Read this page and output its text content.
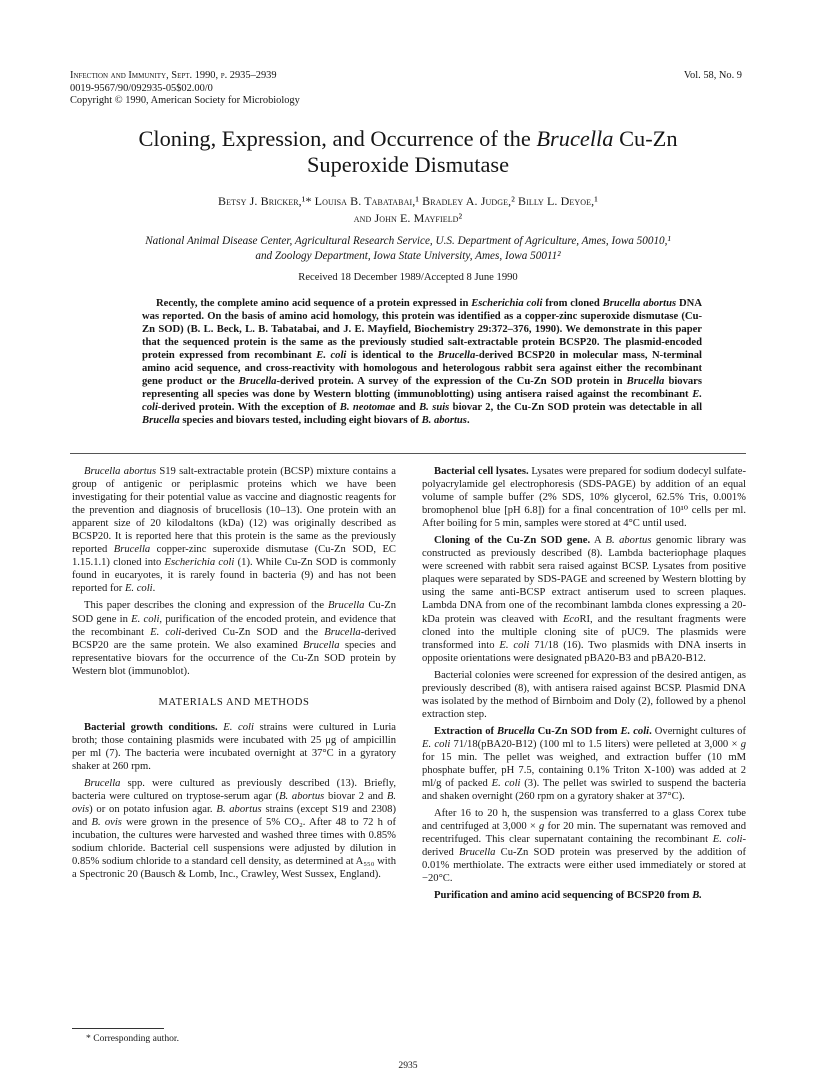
Infection and Immunity, Sept. 1990, p. 2935–2939
0019-9567/90/092935-05$02.00/0
Copyright © 1990, American Society for Microbiology
Vol. 58, No. 9
Cloning, Expression, and Occurrence of the Brucella Cu-Zn
Superoxide Dismutase
Betsy J. Bricker,¹* Louisa B. Tabatabai,¹ Bradley A. Judge,² Billy L. Deyoe,¹
and John E. Mayfield²
National Animal Disease Center, Agricultural Research Service, U.S. Department of Agriculture, Ames, Iowa 50010,¹
and Zoology Department, Iowa State University, Ames, Iowa 50011²
Received 18 December 1989/Accepted 8 June 1990
Recently, the complete amino acid sequence of a protein expressed in Escherichia coli from cloned Brucella abortus DNA was reported. On the basis of amino acid homology, this protein was identified as a copper-zinc superoxide dismutase (Cu-Zn SOD) (B. L. Beck, L. B. Tabatabai, and J. E. Mayfield, Biochemistry 29:372–376, 1990). We demonstrate in this paper that the sequenced protein is the same as the previously studied salt-extractable protein BCSP20. The plasmid-encoded protein expressed from recombinant E. coli is identical to the Brucella-derived BCSP20 in molecular mass, N-terminal amino acid sequence, and cross-reactivity with homologous and heterologous rabbit sera against either the recombinant gene product or the Brucella-derived protein. A survey of the expression of the Cu-Zn SOD protein in Brucella biovars representing all species was done by Western blotting (immunoblotting) using antisera raised against the recombinant E. coli-derived protein. With the exception of B. neotomae and B. suis biovar 2, the Cu-Zn SOD protein was detectable in all Brucella species and biovars tested, including eight biovars of B. abortus.

Brucella abortus S19 salt-extractable protein (BCSP) mixture contains a group of antigenic or periplasmic proteins which we have been investigating for their potential value as vaccine and diagnostic reagents for the prevention and diagnosis of brucellosis (10–13). One protein with an apparent size of 20 kilodaltons (kDa) (12) was originally described as BCSP20. It is reported here that this protein is the same as the previously reported Brucella copper-zinc superoxide dismutase (Cu-Zn SOD, EC 1.15.1.1) cloned into Escherichia coli (1). While Cu-Zn SOD is commonly found in eucaryotes, it is rarely found in bacteria (9) and has not been reported for E. coli.

This paper describes the cloning and expression of the Brucella Cu-Zn SOD gene in E. coli, purification of the encoded protein, and evidence that the recombinant E. coli-derived Cu-Zn SOD and the Brucella-derived BCSP20 are the same protein. We also examined Brucella species and representative biovars for the occurrence of the Cu-Zn SOD protein by Western blot (immunoblot).

MATERIALS AND METHODS

Bacterial growth conditions. E. coli strains were cultured in Luria broth; those containing plasmids were incubated with 25 μg of ampicillin per ml (7). The bacteria were incubated overnight at 37°C in a gyratory shaker at 260 rpm.

Brucella spp. were cultured as previously described (13). Briefly, bacteria were cultured on tryptose-serum agar (B. abortus biovar 2 and B. ovis) or on potato infusion agar. B. abortus strains (except S19 and 2308) and B. ovis were grown in the presence of 5% CO₂. After 48 to 72 h of incubation, the cultures were harvested and washed three times with 0.85% sodium chloride. Bacterial cell suspensions were adjusted by dilution in 0.85% sodium chloride to a standard cell density, as determined at A₅₅₀ with a Spectronic 20 (Bausch & Lomb, Inc., Crawley, West Sussex, England).

Bacterial cell lysates. Lysates were prepared for sodium dodecyl sulfate-polyacrylamide gel electrophoresis (SDS-PAGE) by addition of an equal volume of sample buffer (2% SDS, 10% glycerol, 62.5% Tris, 0.001% bromophenol blue [pH 6.8]) for a final concentration of 10¹⁰ cells per ml. After boiling for 5 min, samples were stored at 4°C until used.

Cloning of the Cu-Zn SOD gene. A B. abortus genomic library was constructed as previously described (8). Lambda bacteriophage plaques were screened with rabbit sera raised against BCSP. Lysates from positive plaques were separated by SDS-PAGE and screened by Western blotting by using the same anti-BCSP extract antiserum used to screen plaques. Lambda DNA from one of the recombinant lambda clones expressing a 20-kDa protein was cleaved with EcoRI, and the resultant fragments were cloned into the multiple cloning site of pUC9. The plasmids were transformed into E. coli 71/18 (16). Two plasmids with DNA inserts in opposite orientations were designated pBA20-B3 and pBA20-B12.

Bacterial colonies were screened for expression of the desired antigen, as previously described (8), with antisera raised against BCSP. Plasmid DNA was isolated by the method of Birnboim and Doly (2), followed by a phenol extraction step.

Extraction of Brucella Cu-Zn SOD from E. coli. Overnight cultures of E. coli 71/18(pBA20-B12) (100 ml to 1.5 liters) were pelleted at 3,000 × g for 15 min. The pellet was weighed, and extraction buffer (10 mM phosphate buffer, pH 7.5, containing 0.1% Triton X-100) was added at 2 ml/g of packed E. coli (3). The pellet was swirled to suspend the bacteria and shaken overnight (260 rpm on a gyratory shaker at 37°C).

After 16 to 20 h, the suspension was transferred to a glass Corex tube and centrifuged at 3,000 × g for 20 min. The supernatant was removed and recentrifuged. This clear supernatant containing the recombinant E. coli-derived Brucella Cu-Zn SOD protein was preserved by the addition of 0.01% merthiolate. The extracts were either used immediately or stored at −20°C.

Purification and amino acid sequencing of BCSP20 from B.

* Corresponding author.
2935
